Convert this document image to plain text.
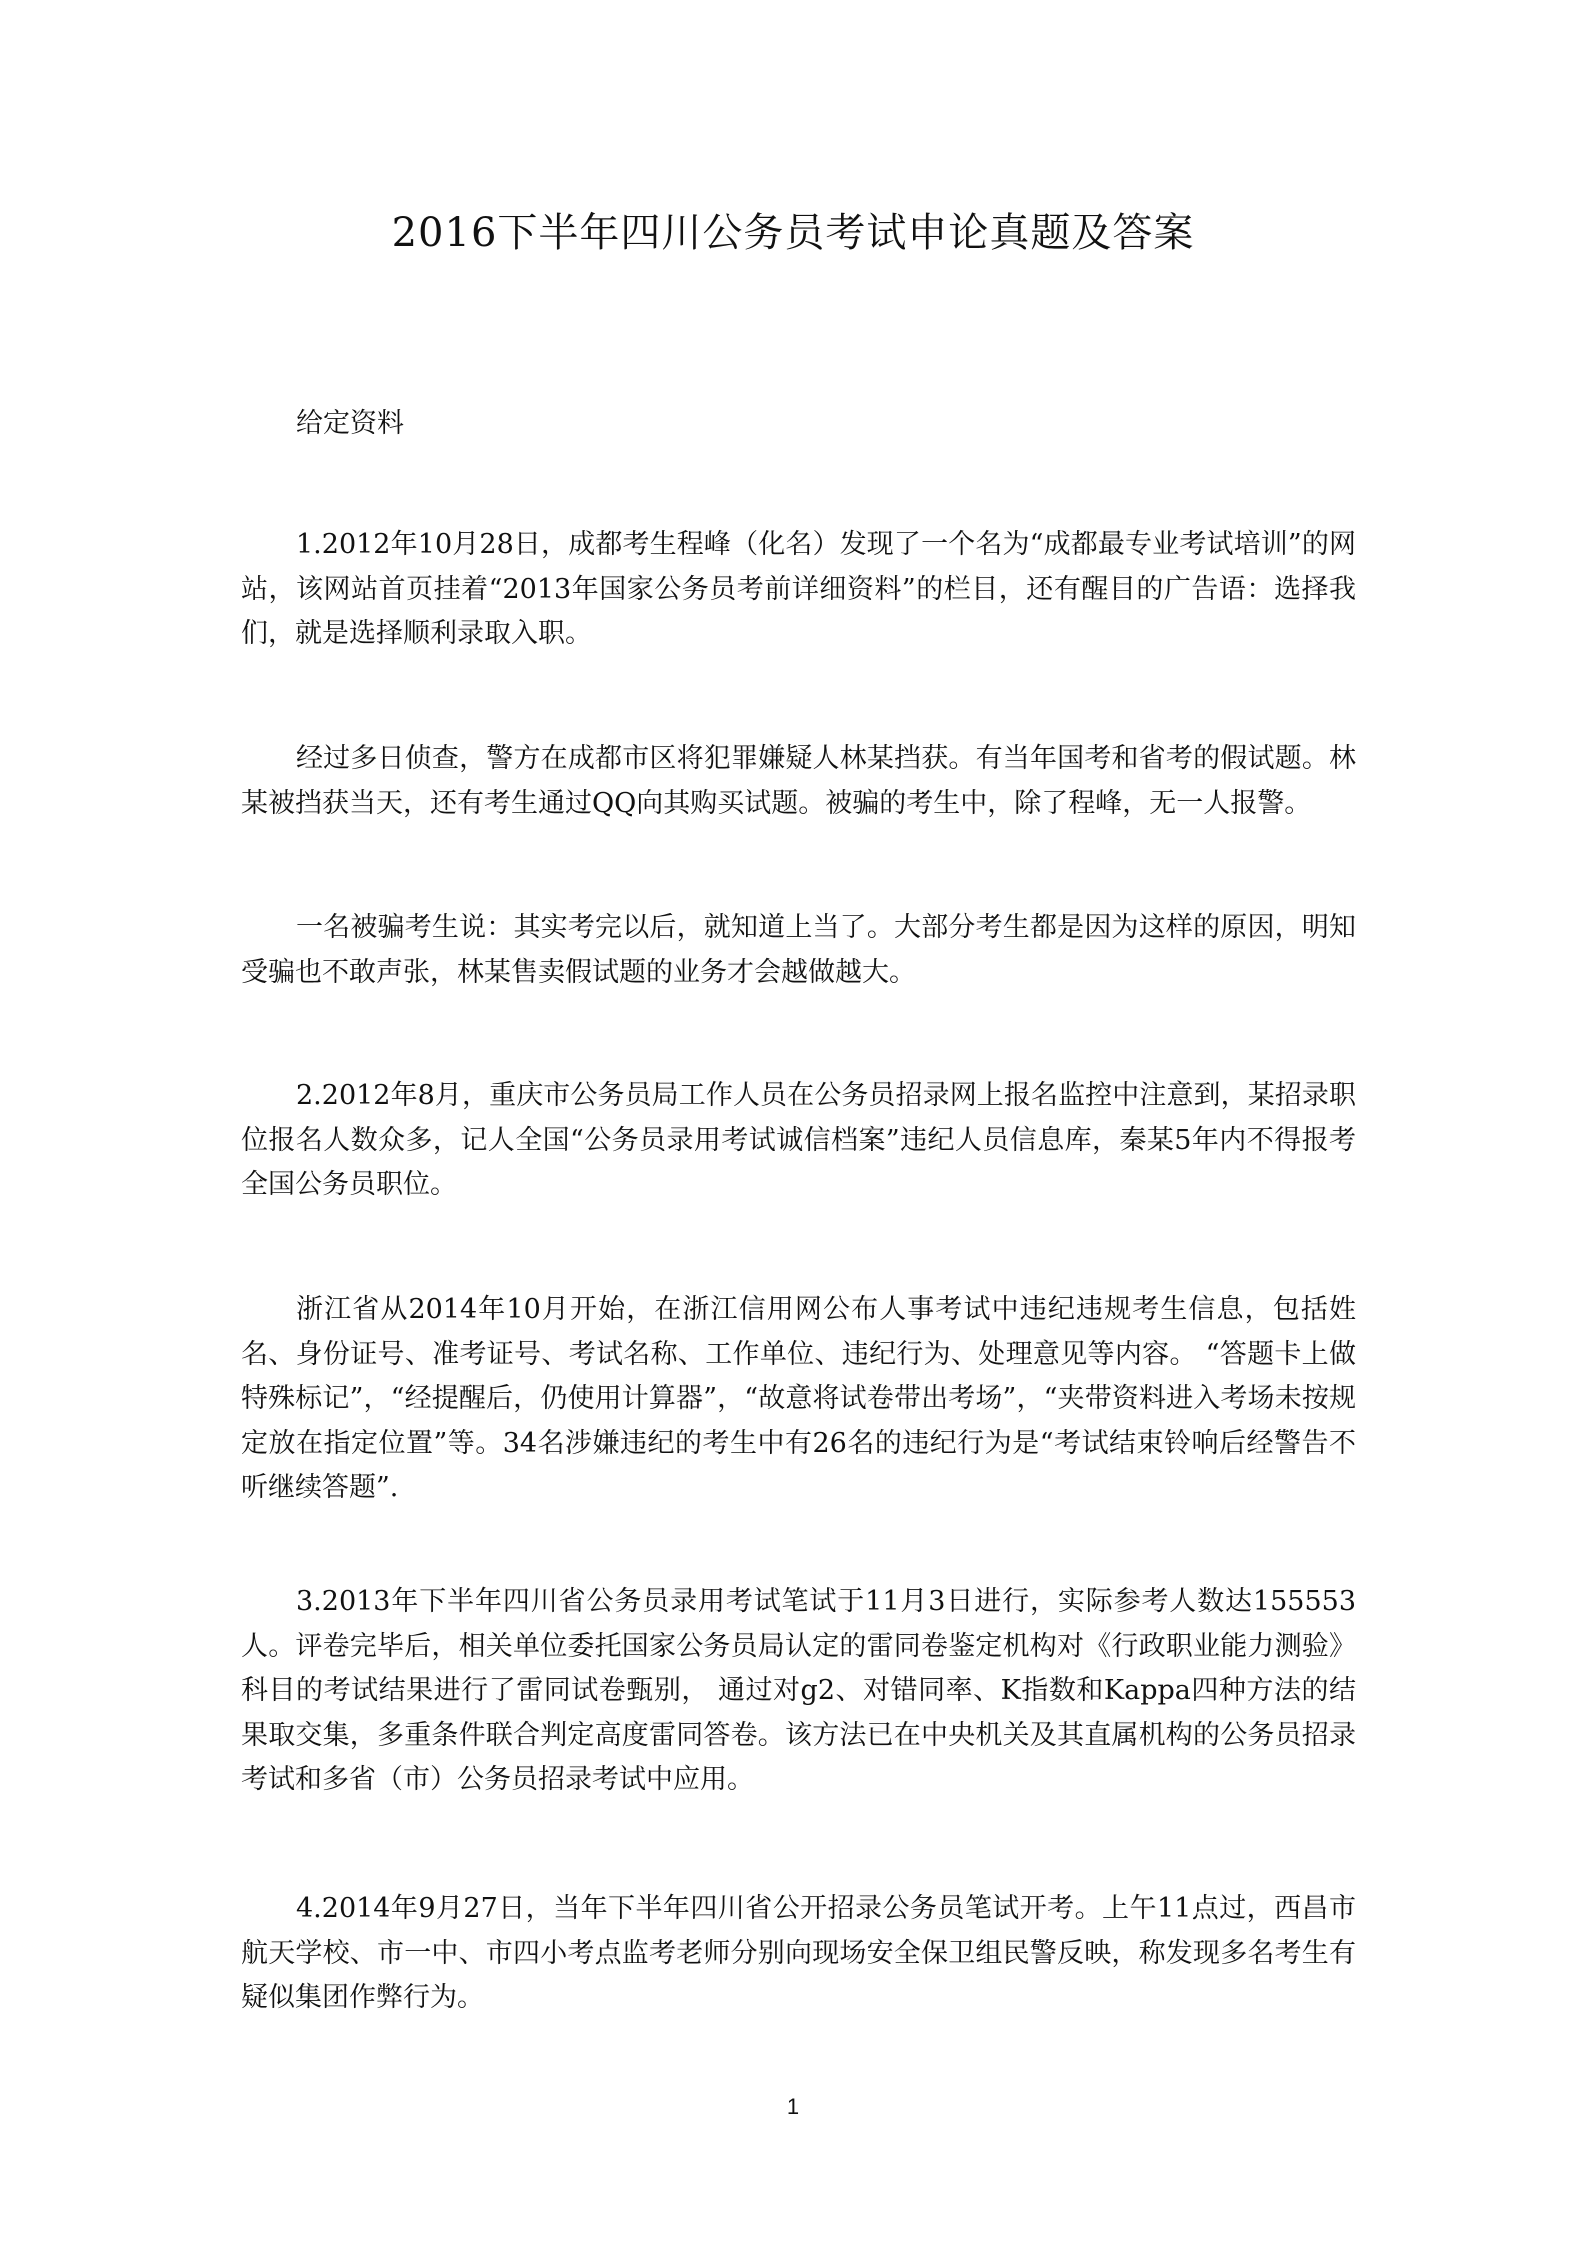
2016下半年四川公务员考试申论真题及答案
给定资料

1.2012年10月28日，成都考生程峰（化名）发现了一个名为“成都最专业考试培训”的网站，该网站首页挂着“2013年国家公务员考前详细资料”的栏目，还有醒目的广告语：选择我们，就是选择顺利录取入职。

经过多日侦查，警方在成都市区将犯罪嫌疑人林某挡获。有当年国考和省考的假试题。林某被挡获当天，还有考生通过QQ向其购买试题。被骗的考生中，除了程峰，无一人报警。

一名被骗考生说：其实考完以后，就知道上当了。大部分考生都是因为这样的原因，明知受骗也不敢声张，林某售卖假试题的业务才会越做越大。

2.2012年8月，重庆市公务员局工作人员在公务员招录网上报名监控中注意到，某招录职位报名人数众多，记人全国“公务员录用考试诚信档案”违纪人员信息库，秦某5年内不得报考全国公务员职位。

浙江省从2014年10月开始，在浙江信用网公布人事考试中违纪违规考生信息，包括姓名、身份证号、准考证号、考试名称、工作单位、违纪行为、处理意见等内容。 “答题卡上做特殊标记”，“经提醒后，仍使用计算器”，“故意将试卷带出考场”，“夹带资料进入考场未按规定放在指定位置”等。34名涉嫌违纪的考生中有26名的违纪行为是“考试结束铃响后经警告不听继续答题”.

3.2013年下半年四川省公务员录用考试笔试于11月3日进行，实际参考人数达155553人。评卷完毕后，相关单位委托国家公务员局认定的雷同卷鉴定机构对《行政职业能力测验》科目的考试结果进行了雷同试卷甄别， 通过对g2、对错同率、K指数和Kappa四种方法的结果取交集，多重条件联合判定高度雷同答卷。该方法已在中央机关及其直属机构的公务员招录考试和多省（市）公务员招录考试中应用。

4.2014年9月27日，当年下半年四川省公开招录公务员笔试开考。上午11点过，西昌市航天学校、市一中、市四小考点监考老师分别向现场安全保卫组民警反映，称发现多名考生有疑似集团作弊行为。

1
